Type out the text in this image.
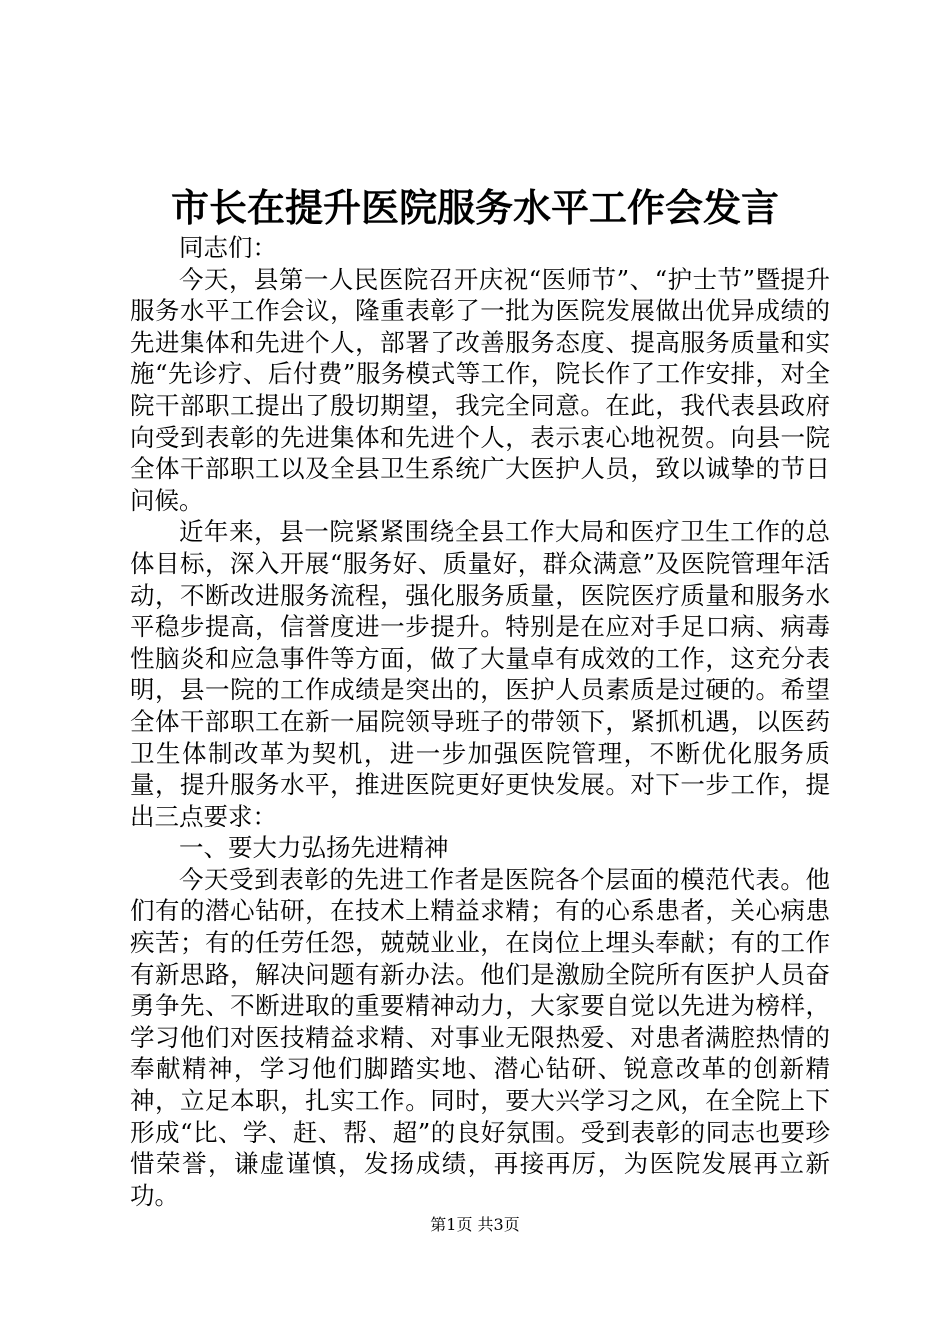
市长在提升医院服务水平工作会发言

同志们：

今天，县第一人民医院召开庆祝“医师节”、“护士节”暨提升服务水平工作会议，隆重表彰了一批为医院发展做出优异成绩的先进集体和先进个人，部署了改善服务态度、提高服务质量和实施“先诊疗、后付费”服务模式等工作，院长作了工作安排，对全院干部职工提出了殷切期望，我完全同意。在此，我代表县政府向受到表彰的先进集体和先进个人，表示衷心地祝贺。向县一院全体干部职工以及全县卫生系统广大医护人员，致以诚挚的节日问候。

近年来，县一院紧紧围绕全县工作大局和医疗卫生工作的总体目标，深入开展“服务好、质量好，群众满意”及医院管理年活动，不断改进服务流程，强化服务质量，医院医疗质量和服务水平稳步提高，信誉度进一步提升。特别是在应对手足口病、病毒性脑炎和应急事件等方面，做了大量卓有成效的工作，这充分表明，县一院的工作成绩是突出的，医护人员素质是过硬的。希望全体干部职工在新一届院领导班子的带领下，紧抓机遇，以医药卫生体制改革为契机，进一步加强医院管理，不断优化服务质量，提升服务水平，推进医院更好更快发展。对下一步工作，提出三点要求：

一、要大力弘扬先进精神

今天受到表彰的先进工作者是医院各个层面的模范代表。他们有的潜心钻研，在技术上精益求精；有的心系患者，关心病患疾苦；有的任劳任怨，兢兢业业，在岗位上埋头奉献；有的工作有新思路，解决问题有新办法。他们是激励全院所有医护人员奋勇争先、不断进取的重要精神动力，大家要自觉以先进为榜样，学习他们对医技精益求精、对事业无限热爱、对患者满腔热情的奉献精神，学习他们脚踏实地、潜心钻研、锐意改革的创新精神，立足本职，扎实工作。同时，要大兴学习之风，在全院上下形成“比、学、赶、帮、超”的良好氛围。受到表彰的同志也要珍惜荣誉，谦虚谨慎，发扬成绩，再接再厉，为医院发展再立新功。

第1页 共3页
